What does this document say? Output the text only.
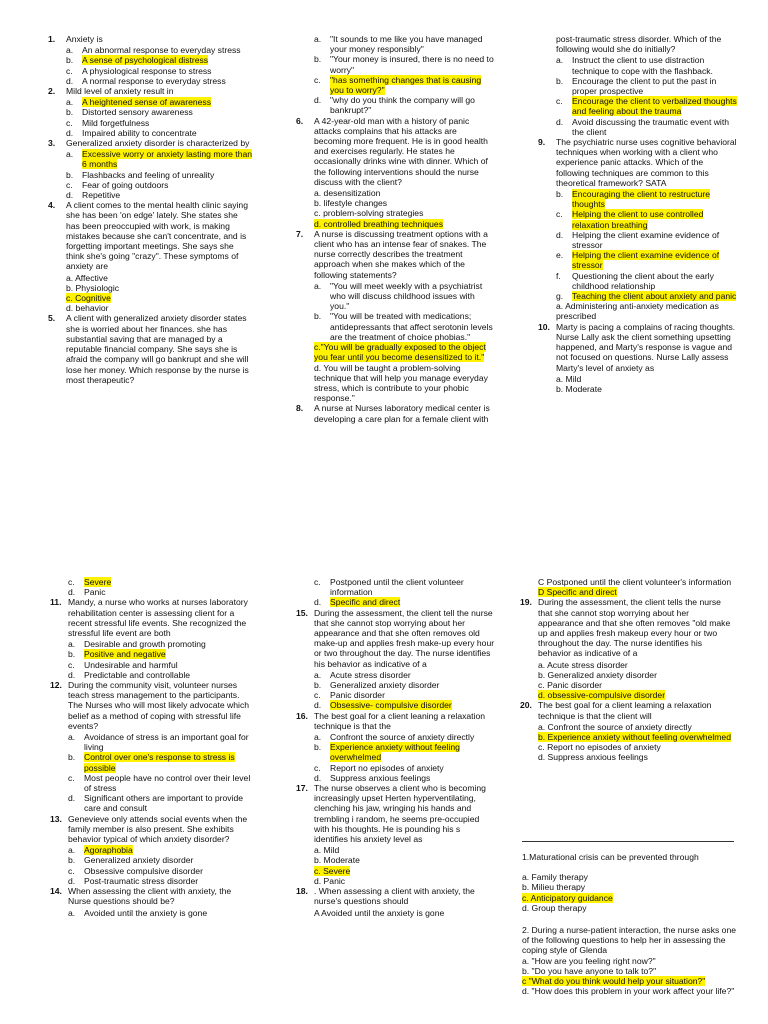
1. Anxiety is
a. An abnormal response to everyday stress
b. A sense of psychological distress
c. A physiological response to stress
d. A normal response to everyday stress
2. Mild level of anxiety result in
a. A heightened sense of awareness
b. Distorted sensory awareness
c. Mild forgetfulness
d. Impaired ability to concentrate
3. Generalized anxiety disorder is characterized by
a. Excessive worry or anxiety lasting more than 6 months
b. Flashbacks and feeling of unreality
c. Fear of going outdoors
d. Repetitive
4. A client comes to the mental health clinic saying she has been 'on edge' lately. She states she has been preoccupied with work, is making mistakes because she can't concentrate, and is forgetting important meetings. She says she think she's going "crazy". These symptoms of anxiety are
a. Affective
b. Physiologic
c. Cognitive
d. behavior
5. A client with generalized anxiety disorder states she is worried about her finances. she has substantial saving that are managed by a reputable financial company. She says she is afraid the company will go bankrupt and she will lose her money. Which response by the nurse is most therapeutic?
a. "It sounds to me like you have managed your money responsibly"
b. "Your money is insured, there is no need to worry"
c. "has something changes that is causing you to worry?"
d. "why do you think the company will go bankrupt?"
6. A 42-year-old man with a history of panic attacks complains that his attacks are becoming more frequent. He is in good health and exercises regularly. He states he occasionally drinks wine with dinner. Which of the following interventions should the nurse discuss with the client?
a. desensitization
b. lifestyle changes
c. problem-solving strategies
d. controlled breathing techniques
7. A nurse is discussing treatment options with a client who has an intense fear of snakes. The nurse correctly describes the treatment approach when she makes which of the following statements?
a. "You will meet weekly with a psychiatrist who will discuss childhood issues with you."
b. "You will be treated with medications; antidepressants that affect serotonin levels are the treatment of choice phobias."
c."You will be gradually exposed to the object you fear until you become desensitized to it."
d. You will be taught a problem-solving technique that will help you manage everyday stress, which is contribute to your phobic response."
8. A nurse at Nurses laboratory medical center is developing a care plan for a female client with
post-traumatic stress disorder. Which of the following would she do initially?
a. Instruct the client to use distraction technique to cope with the flashback.
b. Encourage the client to put the past in proper prospective
c. Encourage the client to verbalized thoughts and feeling about the trauma
d. Avoid discussing the traumatic event with the client
9. The psychiatric nurse uses cognitive behavioral techniques when working with a client who experience panic attacks. Which of the following techniques are common to this theoretical framework? SATA
b. Encouraging the client to restructure thoughts
c. Helping the client to use controlled relaxation breathing
d. Helping the client examine evidence of stressor
e. Helping the client examine evidence of stressor
f. Questioning the client about the early childhood relationship
g. Teaching the client about anxiety and panic
a. Administering anti-anxiety medication as prescribed
10. Marty is pacing a complains of racing thoughts. Nurse Lally ask the client something upsetting happened, and Marty's response is vague and not focused on questions. Nurse Lally assess Marty's level of anxiety as
a. Mild
b. Moderate
c. Severe
d. Panic
11. Mandy, a nurse who works at nurses laboratory rehabilitation center is assessing client for a recent stressful life events. She recognized the stressful life event are both
a. Desirable and growth promoting
b. Positive and negative
c. Undesirable and harmful
d. Predictable and controllable
12. During the community visit, volunteer nurses teach stress management to the participants. The Nurses who will most likely advocate which belief as a method of coping with stressful life events?
a. Avoidance of stress is an important goal for living
b. Control over one's response to stress is possible
c. Most people have no control over their level of stress
d. Significant others are important to provide care and consult
13. Genevieve only attends social events when the family member is also present. She exhibits behavior typical of which anxiety disorder?
a. Agoraphobia
b. Generalized anxiety disorder
c. Obsessive compulsive disorder
d. Post-traumatic stress disorder
14. When assessing the client with anxiety, the Nurse questions should be?
a. Avoided until the anxiety is gone
c. Postponed until the client volunteer information
d. Specific and direct
15. During the assessment, the client tell the nurse that she cannot stop worrying about her appearance and that she often removes old make-up and applies fresh make-up every hour or two throughout the day. The nurse identifies his behavior as indicative of a
a. Acute stress disorder
b. Generalized anxiety disorder
c. Panic disorder
d. Obsessive- compulsive disorder
16. The best goal for a client leaning a relaxation technique is that the
a. Confront the source of anxiety directly
b. Experience anxiety without feeling overwhelmed
c. Report no episodes of anxiety
d. Suppress anxious feelings
17. The nurse observes a client who is becoming increasingly upset Herten hyperventilating, clenching his jaw, wringing his hands and trembling i random, he seems pre-occupied with his thoughts. He is pounding his s identifies his anxiety level as
a. Mild
b. Moderate
c. Severe
d. Panic
18. . When assessing a client with anxiety, the nurse's questions should
A Avoided until the anxiety is gone
C Postponed until the client volunteer's information
D Specific and direct
19. During the assessment, the client tells the nurse that she cannot stop worrying about her appearance and that she often removes "old make up and applies fresh makeup every hour or two throughout the day. The nurse identifies his behavior as indicative of a
a. Acute stress disorder
b. Generalized anxiety disorder
c. Panic disorder
d. obsessive-compulsive disorder
20. The best goal for a client leaming a relaxation technique is that the client will
a. Confront the source of anxiety directly
b. Experience anxiety without feeling overwhelmed
c. Report no episodes of anxiety
d. Suppress anxious feelings
1.Maturational crisis can be prevented through
a. Family therapy
b. Milieu therapy
c. Anticipatory guidance
d. Group therapy
2. During a nurse-patient interaction, the nurse asks one of the following questions to help her in assessing the coping style of Glenda
a. "How are you feeling right now?"
b. "Do you have anyone to talk to?"
c "What do you think would help your situation?"
d. "How does this problem in your work affect your life?"
